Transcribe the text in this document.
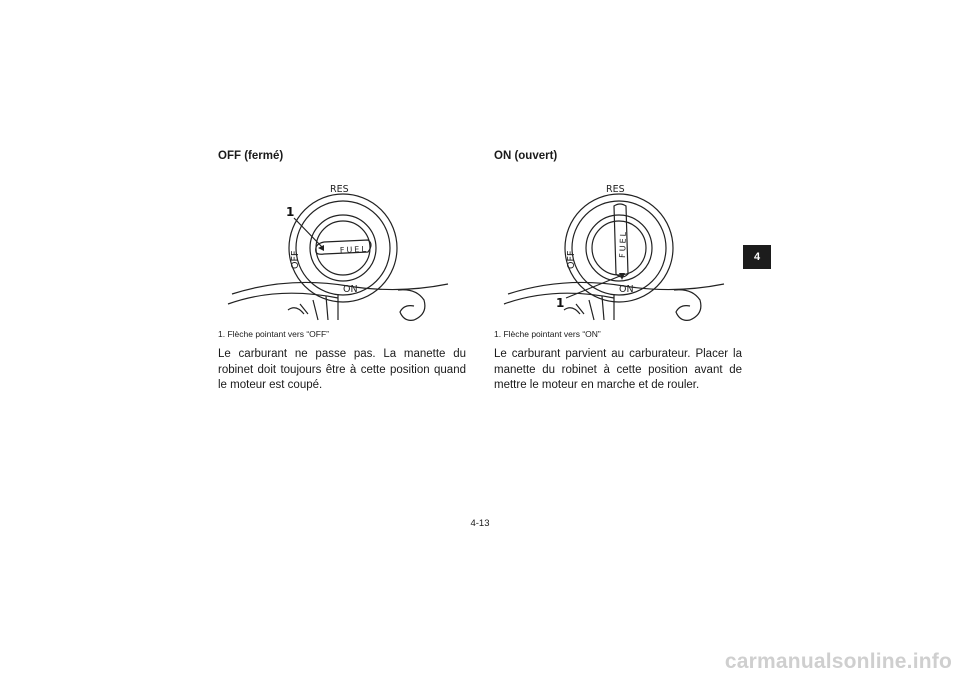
OFF (fermé)

FUEL
RES
OFF
ON
1
1. Flèche pointant vers “OFF”
Le carburant ne passe pas. La manette du robinet doit toujours être à cette position quand le moteur est coupé.

ON (ouvert)

FUEL
RES
OFF
ON
1
1. Flèche pointant vers “ON”
Le carburant parvient au carburateur. Placer la manette du robinet à cette position avant de mettre le moteur en marche et de rouler.
4
4-13
carmanualsonline.info
